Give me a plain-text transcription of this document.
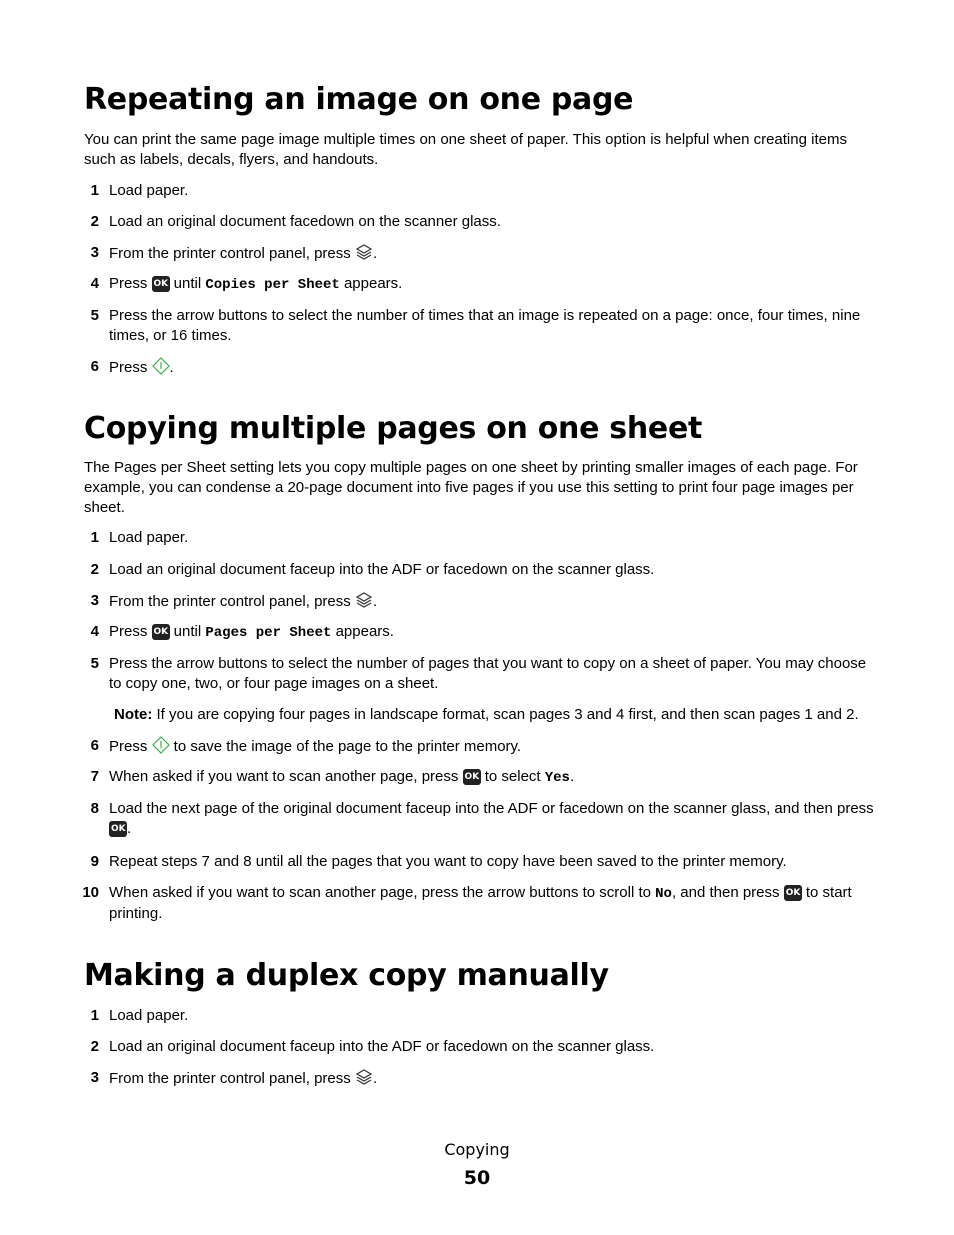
Repeating an image on one page

You can print the same page image multiple times on one sheet of paper. This option is helpful when creating items such as labels, decals, flyers, and handouts.

1 Load paper.
2 Load an original document facedown on the scanner glass.
3 From the printer control panel, press .
4 Press OK until Copies per Sheet appears.
5 Press the arrow buttons to select the number of times that an image is repeated on a page: once, four times, nine times, or 16 times.
6 Press .
Copying multiple pages on one sheet

The Pages per Sheet setting lets you copy multiple pages on one sheet by printing smaller images of each page. For example, you can condense a 20-page document into five pages if you use this setting to print four page images per sheet.

1 Load paper.
2 Load an original document faceup into the ADF or facedown on the scanner glass.
3 From the printer control panel, press .
4 Press OK until Pages per Sheet appears.
5 Press the arrow buttons to select the number of pages that you want to copy on a sheet of paper. You may choose to copy one, two, or four page images on a sheet.
Note: If you are copying four pages in landscape format, scan pages 3 and 4 first, and then scan pages 1 and 2.
6 Press  to save the image of the page to the printer memory.
7 When asked if you want to scan another page, press OK to select Yes.
8 Load the next page of the original document faceup into the ADF or facedown on the scanner glass, and then press OK.
9 Repeat steps 7 and 8 until all the pages that you want to copy have been saved to the printer memory.
10 When asked if you want to scan another page, press the arrow buttons to scroll to No, and then press OK to start printing.
Making a duplex copy manually
1 Load paper.
2 Load an original document faceup into the ADF or facedown on the scanner glass.
3 From the printer control panel, press .
Copying
50
